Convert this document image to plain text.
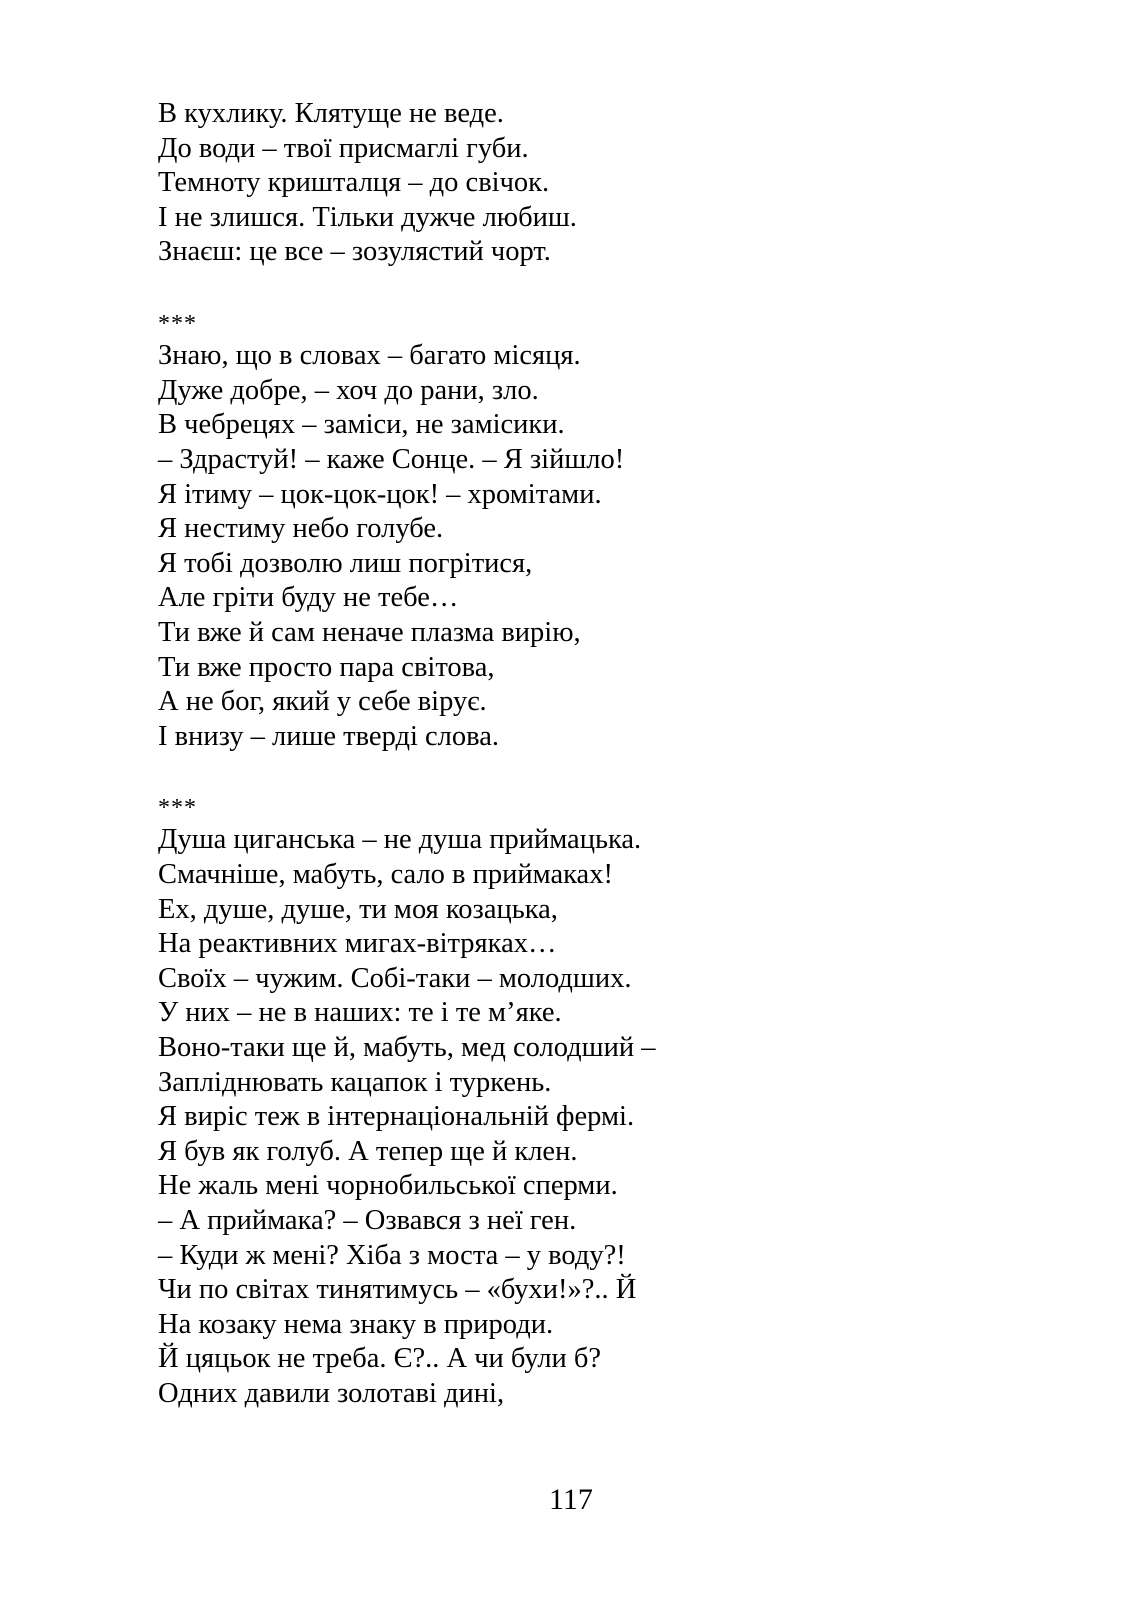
В кухлику. Клятуще не веде.
До води – твої присмаглі губи.
Темноту кришталця – до свічок.
І не злишся. Тільки дужче любиш.
Знаєш: це все – зозулястий чорт.
***
Знаю, що в словах – багато місяця.
Дуже добре, – хоч до рани, зло.
В чебрецях – заміси, не замісики.
– Здрастуй! – каже Сонце. – Я зійшло!
Я ітиму – цок-цок-цок! – хромітами.
Я нестиму небо голубе.
Я тобі дозволю лиш погрітися,
Але гріти буду не тебе…
Ти вже й сам неначе плазма вирію,
Ти вже просто пара світова,
А не бог, який у себе вірує.
І внизу – лише тверді слова.
***
Душа циганська – не душа приймацька.
Смачніше, мабуть, сало в приймаках!
Ех, душе, душе, ти моя козацька,
На реактивних мигах-вітряках…
Своїх – чужим. Собі-таки – молодших.
У них – не в наших: те і те м’яке.
Воно-таки ще й, мабуть, мед солодший –
Запліднювать кацапок і туркень.
Я виріс теж в інтернаціональній фермі.
Я був як голуб. А тепер ще й клен.
Не жаль мені чорнобильської сперми.
– А приймака? – Озвався з неї ген.
– Куди ж мені? Хіба з моста – у воду?!
Чи по світах тинятимусь – «бухи!»?.. Й
На козаку нема знаку в природи.
Й цяцьок не треба. Є?.. А чи були б?
Одних давили золотаві дині,
117
